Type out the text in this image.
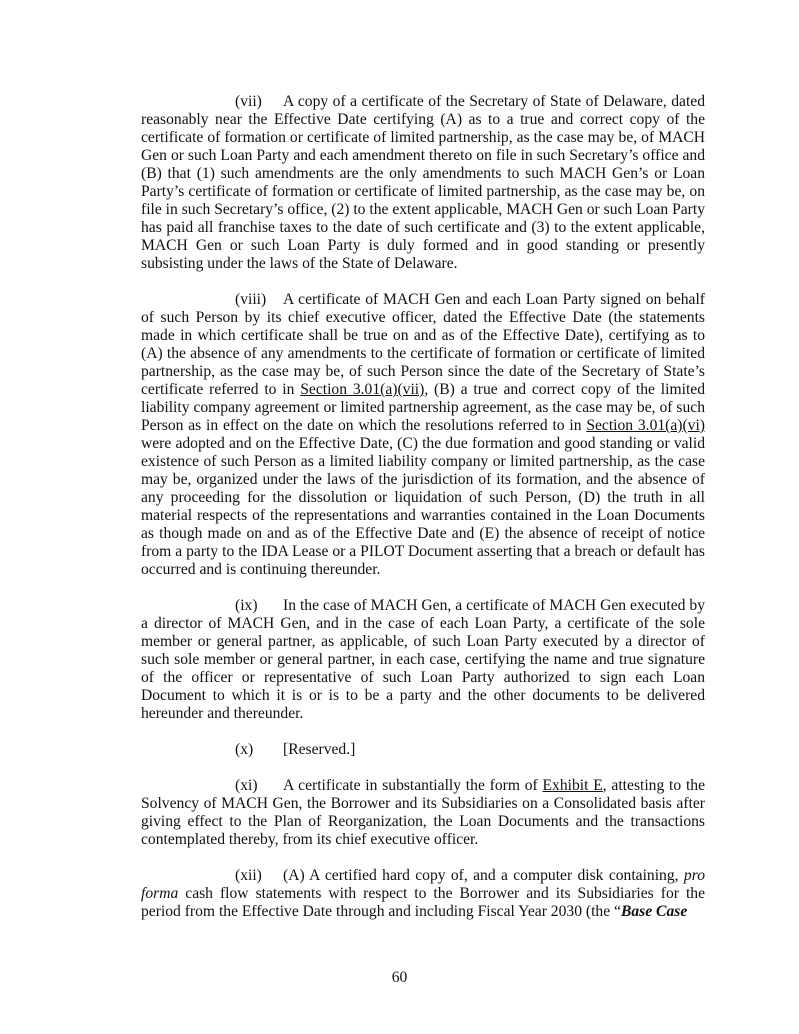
(vii) A copy of a certificate of the Secretary of State of Delaware, dated reasonably near the Effective Date certifying (A) as to a true and correct copy of the certificate of formation or certificate of limited partnership, as the case may be, of MACH Gen or such Loan Party and each amendment thereto on file in such Secretary’s office and (B) that (1) such amendments are the only amendments to such MACH Gen’s or Loan Party’s certificate of formation or certificate of limited partnership, as the case may be, on file in such Secretary’s office, (2) to the extent applicable, MACH Gen or such Loan Party has paid all franchise taxes to the date of such certificate and (3) to the extent applicable, MACH Gen or such Loan Party is duly formed and in good standing or presently subsisting under the laws of the State of Delaware.

(viii) A certificate of MACH Gen and each Loan Party signed on behalf of such Person by its chief executive officer, dated the Effective Date (the statements made in which certificate shall be true on and as of the Effective Date), certifying as to (A) the absence of any amendments to the certificate of formation or certificate of limited partnership, as the case may be, of such Person since the date of the Secretary of State’s certificate referred to in Section 3.01(a)(vii), (B) a true and correct copy of the limited liability company agreement or limited partnership agreement, as the case may be, of such Person as in effect on the date on which the resolutions referred to in Section 3.01(a)(vi) were adopted and on the Effective Date, (C) the due formation and good standing or valid existence of such Person as a limited liability company or limited partnership, as the case may be, organized under the laws of the jurisdiction of its formation, and the absence of any proceeding for the dissolution or liquidation of such Person, (D) the truth in all material respects of the representations and warranties contained in the Loan Documents as though made on and as of the Effective Date and (E) the absence of receipt of notice from a party to the IDA Lease or a PILOT Document asserting that a breach or default has occurred and is continuing thereunder.

(ix) In the case of MACH Gen, a certificate of MACH Gen executed by a director of MACH Gen, and in the case of each Loan Party, a certificate of the sole member or general partner, as applicable, of such Loan Party executed by a director of such sole member or general partner, in each case, certifying the name and true signature of the officer or representative of such Loan Party authorized to sign each Loan Document to which it is or is to be a party and the other documents to be delivered hereunder and thereunder.

(x) [Reserved.]

(xi) A certificate in substantially the form of Exhibit E, attesting to the Solvency of MACH Gen, the Borrower and its Subsidiaries on a Consolidated basis after giving effect to the Plan of Reorganization, the Loan Documents and the transactions contemplated thereby, from its chief executive officer.

(xii) (A) A certified hard copy of, and a computer disk containing, pro forma cash flow statements with respect to the Borrower and its Subsidiaries for the period from the Effective Date through and including Fiscal Year 2030 (the “Base Case

60
